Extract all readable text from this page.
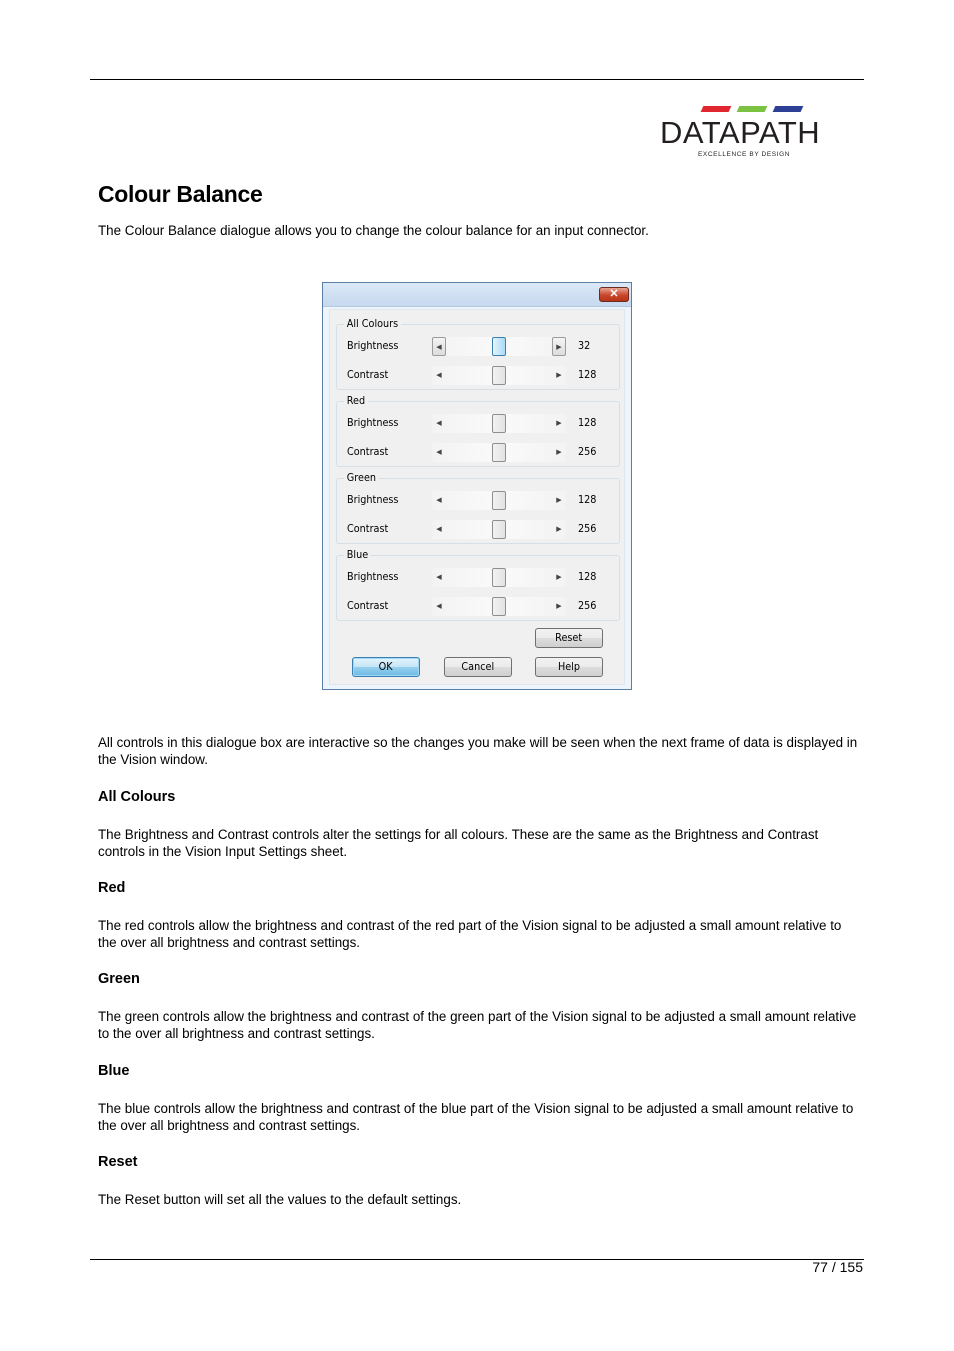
DATAPATH
EXCELLENCE BY DESIGN
Colour Balance
The Colour Balance dialogue allows you to change the colour balance for an input connector.
✕
All Colours
Brightness	◀	▶	32
Contrast	◀	▶	128
Red
Brightness	◀	▶	128
Contrast	◀	▶	256
Green
Brightness	◀	▶	128
Contrast	◀	▶	256
Blue
Brightness	◀	▶	128
Contrast	◀	▶	256
Reset
OK	Cancel	Help
All controls in this dialogue box are interactive so the changes you make will be seen when the next frame of data is displayed in the Vision window.
All Colours
The Brightness and Contrast controls alter the settings for all colours. These are the same as the Brightness and Contrast controls in the Vision Input Settings sheet.
Red
The red controls allow the brightness and contrast of the red part of the Vision signal to be adjusted a small amount relative to the over all brightness and contrast settings.
Green
The green controls allow the brightness and contrast of the green part of the Vision signal to be adjusted a small amount relative to the over all brightness and contrast settings.
Blue
The blue controls allow the brightness and contrast of the blue part of the Vision signal to be adjusted a small amount relative to the over all brightness and contrast settings.
Reset
The Reset button will set all the values to the default settings.
77 / 155
